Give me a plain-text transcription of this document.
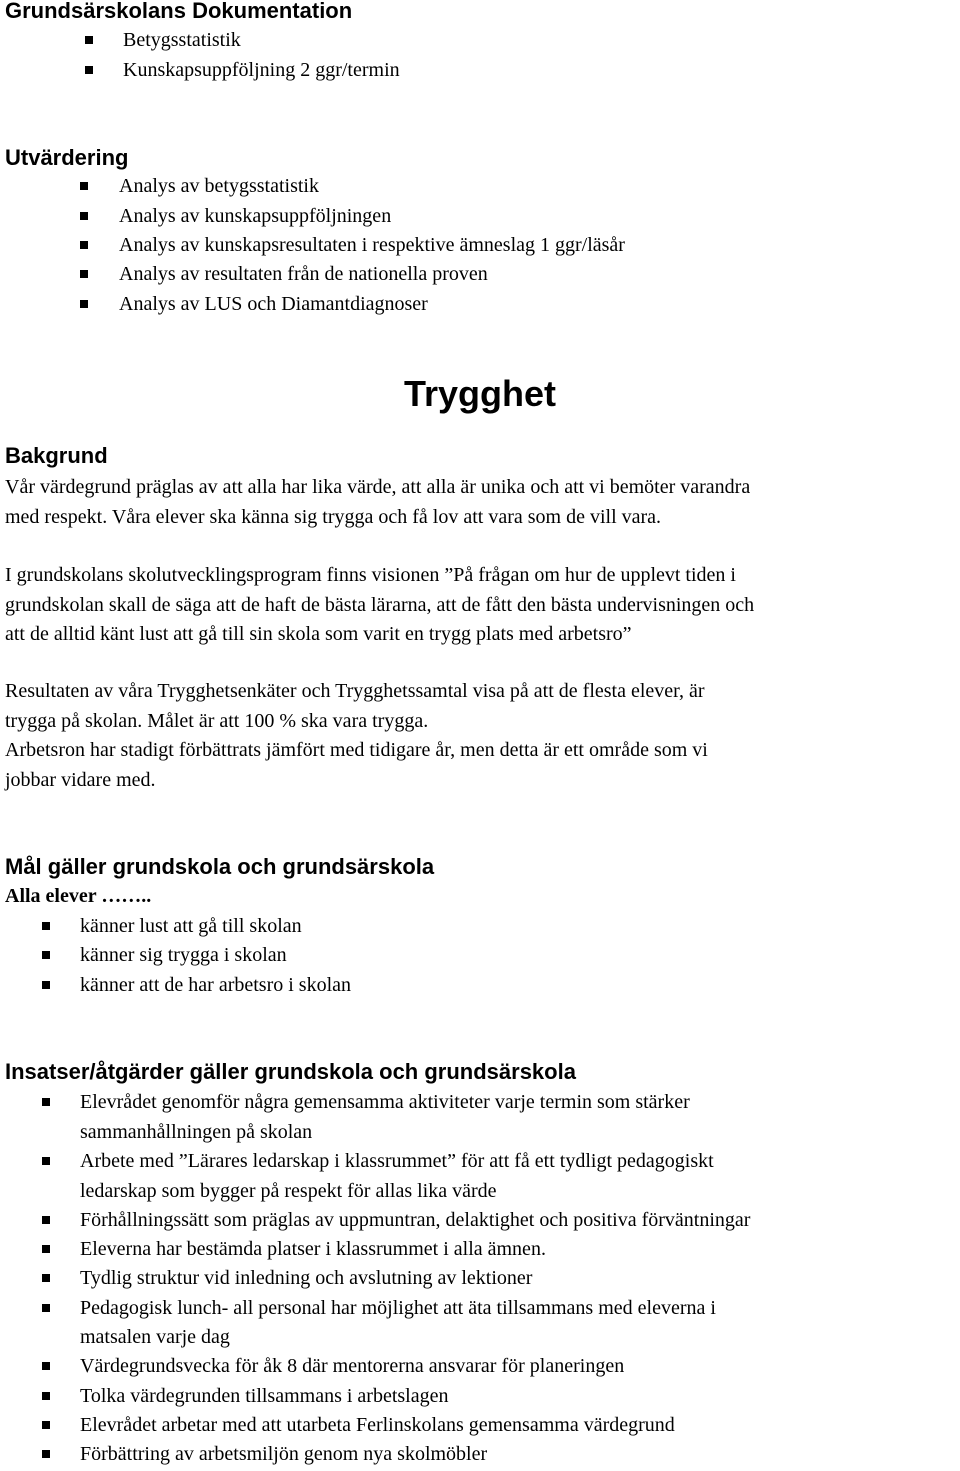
Grundsärskolans Dokumentation
Betygsstatistik
Kunskapsuppföljning 2 ggr/termin
Utvärdering
Analys av betygsstatistik
Analys av kunskapsuppföljningen
Analys av kunskapsresultaten i respektive ämneslag 1 ggr/läsår
Analys av resultaten från de nationella proven
Analys av LUS och Diamantdiagnoser
Trygghet
Bakgrund
Vår värdegrund präglas av att alla har lika värde, att alla är unika och att vi bemöter varandra
med respekt. Våra elever ska känna sig trygga och få lov att vara som de vill vara.
I grundskolans skolutvecklingsprogram finns visionen ”På frågan om hur de upplevt tiden i
grundskolan skall de säga att de haft de bästa lärarna, att de fått den bästa undervisningen och
att de alltid känt lust att gå till sin skola som varit en trygg plats med arbetsro”
Resultaten av våra Trygghetsenkäter och Trygghetssamtal visa på att de flesta elever, är
trygga på skolan. Målet är att 100 % ska vara trygga.
Arbetsron har stadigt förbättrats jämfört med tidigare år, men detta är ett område som vi
jobbar vidare med.
Mål gäller grundskola och grundsärskola
Alla elever ……..
känner lust att gå till skolan
känner sig trygga i skolan
känner att de har arbetsro i skolan
Insatser/åtgärder gäller grundskola och grundsärskola
Elevrådet genomför några gemensamma aktiviteter varje termin som stärker
sammanhållningen på skolan
Arbete med ”Lärares ledarskap i klassrummet” för att få ett tydligt pedagogiskt
ledarskap som bygger på respekt för allas lika värde
Förhållningssätt som präglas av uppmuntran, delaktighet och positiva förväntningar
Eleverna har bestämda platser i klassrummet i alla ämnen.
Tydlig struktur vid inledning och avslutning av lektioner
Pedagogisk lunch- all personal har möjlighet att äta tillsammans med eleverna i
matsalen varje dag
Värdegrundsvecka för åk 8 där mentorerna ansvarar för planeringen
Tolka värdegrunden tillsammans i arbetslagen
Elevrådet arbetar med att utarbeta Ferlinskolans gemensamma värdegrund
Förbättring av arbetsmiljön genom nya skolmöbler
